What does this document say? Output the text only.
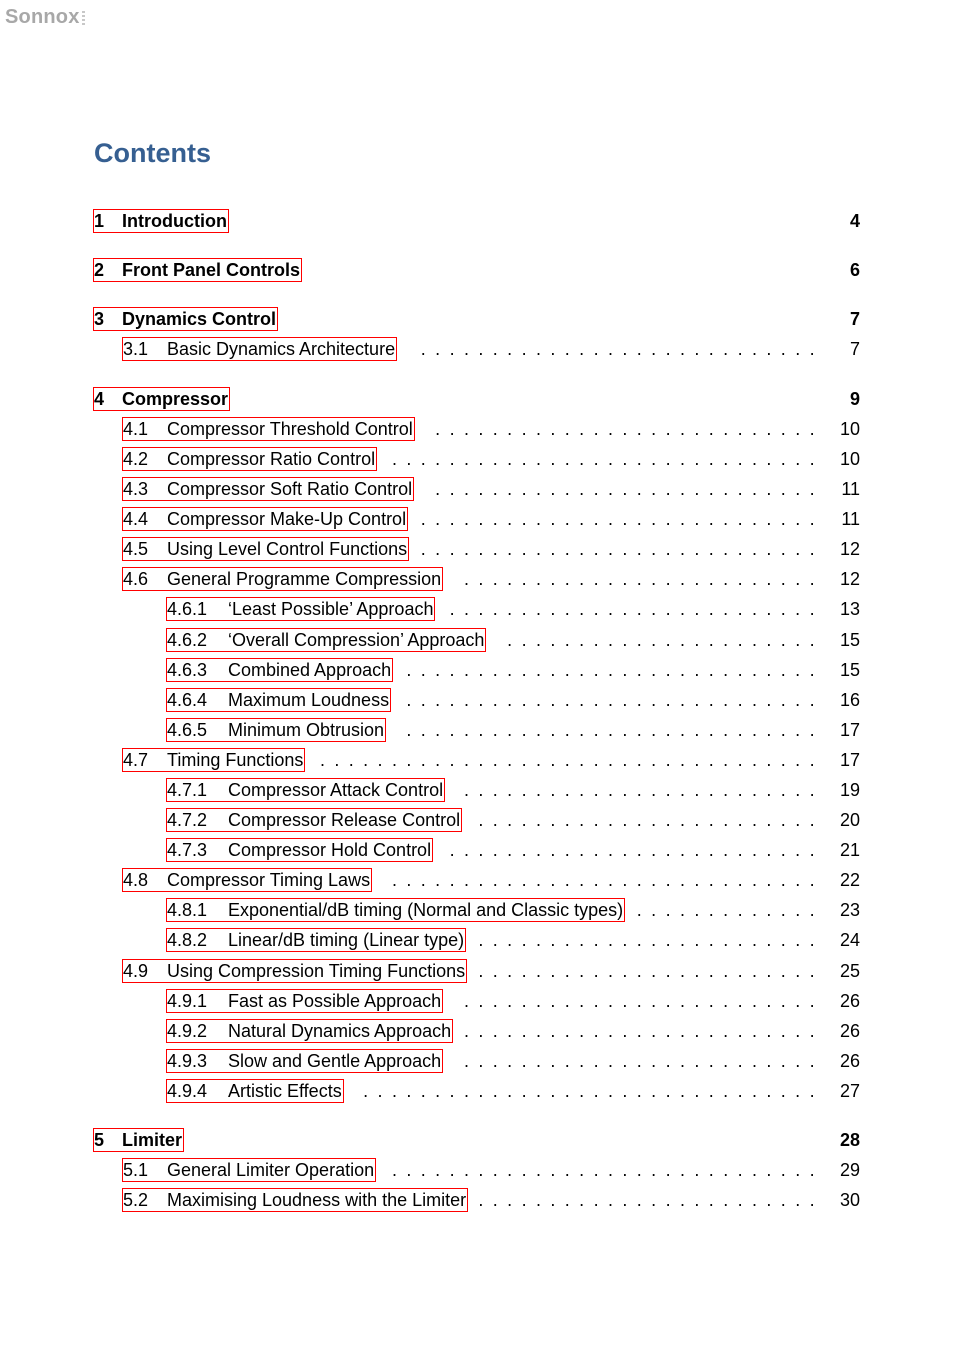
Sonnox
Contents
1 Introduction	4
2 Front Panel Controls	6
3 Dynamics Control	7
3.1 Basic Dynamics Architecture	............................	7
4 Compressor	9
4.1 Compressor Threshold Control	........................... 10
4.2 Compressor Ratio Control .............................. 10
4.3 Compressor Soft Ratio Control	........................... 11
4.4 Compressor Make-Up Control ............................ 11
4.5 Using Level Control Functions ............................ 12
4.6 General Programme Compression	......................... 12
4.6.1 ‘Least Possible’ Approach .......................... 13
4.6.2 ‘Overall Compression’ Approach	...................... 15
4.6.3 Combined Approach ............................. 15
4.6.4 Maximum Loudness ............................. 16
4.6.5 Minimum Obtrusion	............................. 17
4.7 Timing Functions ................................... 17
4.7.1 Compressor Attack Control	......................... 19
4.7.2 Compressor Release Control	........................ 20
4.7.3 Compressor Hold Control	.......................... 21
4.8 Compressor Timing Laws	.............................. 22
4.8.1 Exponential/dB timing (Normal and Classic types) ............. 23
4.8.2 Linear/dB timing (Linear type) ........................ 24
4.9 Using Compression Timing Functions ........................ 25
4.9.1 Fast as Possible Approach	......................... 26
4.9.2 Natural Dynamics Approach ......................... 26
4.9.3 Slow and Gentle Approach	......................... 26
4.9.4 Artistic Effects	................................ 27
5 Limiter	28
5.1 General Limiter Operation .............................. 29
5.2 Maximising Loudness with the Limiter ........................ 30
